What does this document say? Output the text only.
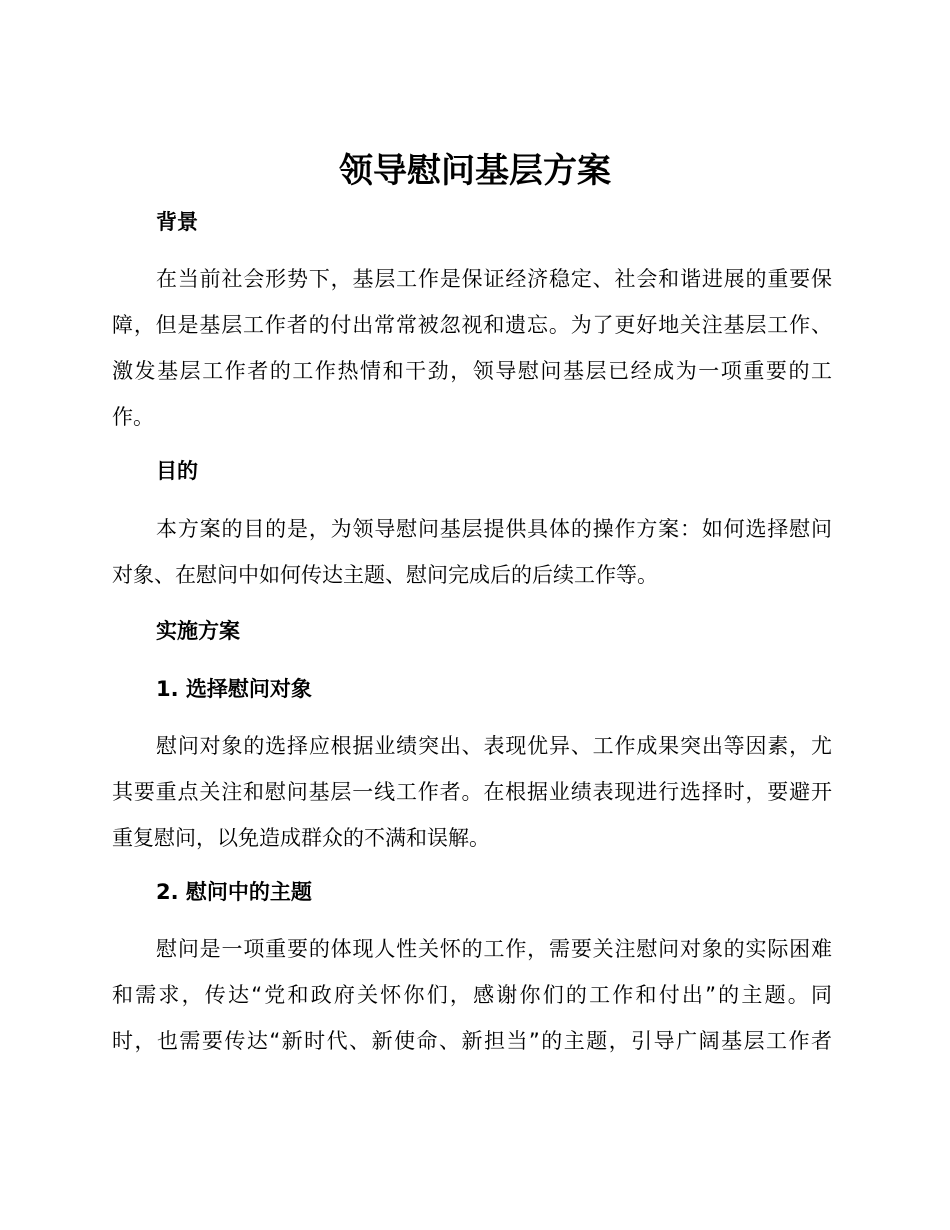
领导慰问基层方案
背景
在当前社会形势下，基层工作是保证经济稳定、社会和谐进展的重要保
障，但是基层工作者的付出常常被忽视和遗忘。为了更好地关注基层工作、
激发基层工作者的工作热情和干劲，领导慰问基层已经成为一项重要的工
作。
目的
本方案的目的是，为领导慰问基层提供具体的操作方案：如何选择慰问
对象、在慰问中如何传达主题、慰问完成后的后续工作等。
实施方案
1. 选择慰问对象
慰问对象的选择应根据业绩突出、表现优异、工作成果突出等因素，尤
其要重点关注和慰问基层一线工作者。在根据业绩表现进行选择时，要避开
重复慰问，以免造成群众的不满和误解。
2. 慰问中的主题
慰问是一项重要的体现人性关怀的工作，需要关注慰问对象的实际困难
和需求，传达“党和政府关怀你们，感谢你们的工作和付出”的主题。同
时，也需要传达“新时代、新使命、新担当”的主题，引导广阔基层工作者
